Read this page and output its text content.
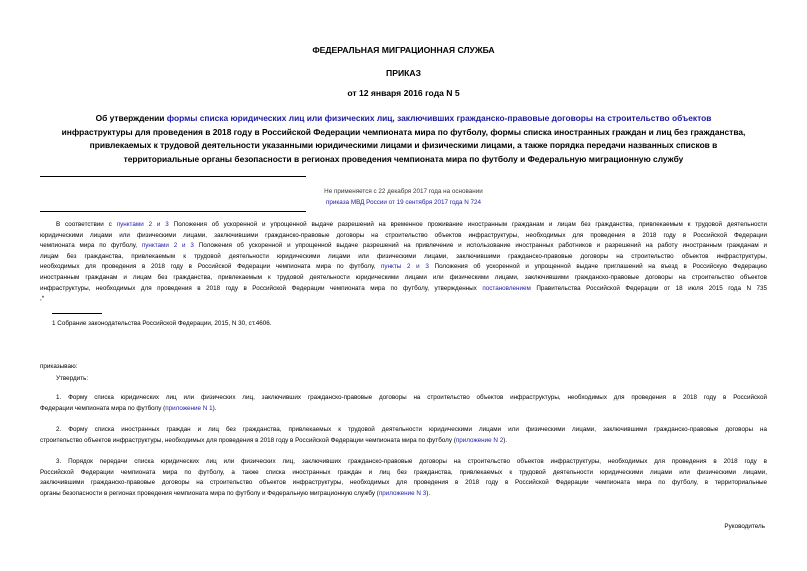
ФЕДЕРАЛЬНАЯ МИГРАЦИОННАЯ СЛУЖБА
ПРИКАЗ
от 12 января 2016 года N 5
Об утверждении формы списка юридических лиц или физических лиц, заключивших гражданско-правовые договоры на строительство объектов
инфраструктуры для проведения в 2018 году в Российской Федерации чемпионата мира по футболу, формы списка иностранных граждан и лиц без гражданства,
привлекаемых к трудовой деятельности указанными юридическими лицами и физическими лицами, а также порядка передачи названных списков в
территориальные органы безопасности в регионах проведения чемпионата мира по футболу и Федеральную миграционную службу
Не применяется с 22 декабря 2017 года на основании
приказа МВД России от 19 сентября 2017 года N 724
В соответствии с пунктами 2 и 3 Положения об ускоренной и упрощенной выдаче разрешений на временное проживание иностранным гражданам и лицам без гражданства, привлекаемым к трудовой деятельности
юридическими лицами или физическими лицами, заключившими гражданско-правовые договоры на строительство объектов инфраструктуры, необходимых для проведения в 2018 году в Российской Федерации
чемпионата мира по футболу, пунктами 2 и 3 Положения об ускоренной и упрощенной выдаче разрешений на привлечение и использование иностранных работников и разрешений на работу иностранным гражданам и
лицам без гражданства, привлекаемым к трудовой деятельности юридическими лицами или физическими лицами, заключившими гражданско-правовые договоры на строительство объектов инфраструктуры,
необходимых для проведения в 2018 году в Российской Федерации чемпионата мира по футболу, пункты 2 и 3 Положения об ускоренной и упрощенной выдаче приглашений на въезд в Российскую Федерацию
иностранным гражданам и лицам без гражданства, привлекаемым к трудовой деятельности юридическими лицами или физическими лицами, заключившими гражданско-правовые договоры на строительство объектов
инфраструктуры, необходимых для проведения в 2018 году в Российской Федерации чемпионата мира по футболу, утвержденных постановлением Правительства Российской Федерации от 18 июля 2015 года N 735
,*
1 Собрание законодательства Российской Федерации, 2015, N 30, ст.4606.
приказываю:
Утвердить:
1. Форму списка юридических лиц или физических лиц, заключивших гражданско-правовые договоры на строительство объектов инфраструктуры, необходимых для проведения в 2018 году в Российской
Федерации чемпионата мира по футболу (приложение N 1).
2. Форму списка иностранных граждан и лиц без гражданства, привлекаемых к трудовой деятельности юридическими лицами или физическими лицами, заключившими гражданско-правовые договоры на
строительство объектов инфраструктуры, необходимых для проведения в 2018 году в Российской Федерации чемпионата мира по футболу (приложение N 2).
3. Порядок передачи списка юридических лиц или физических лиц, заключивших гражданско-правовые договоры на строительство объектов инфраструктуры, необходимых для проведения в 2018 году в
Российской Федерации чемпионата мира по футболу, а также списка иностранных граждан и лиц без гражданства, привлекаемых к трудовой деятельности юридическими лицами или физическими лицами,
заключившими гражданско-правовые договоры на строительство объектов инфраструктуры, необходимых для проведения в 2018 году в Российской Федерации чемпионата мира по футболу, в территориальные
органы безопасности в регионах проведения чемпионата мира по футболу и Федеральную миграционную службу (приложение N 3).
Руководитель
